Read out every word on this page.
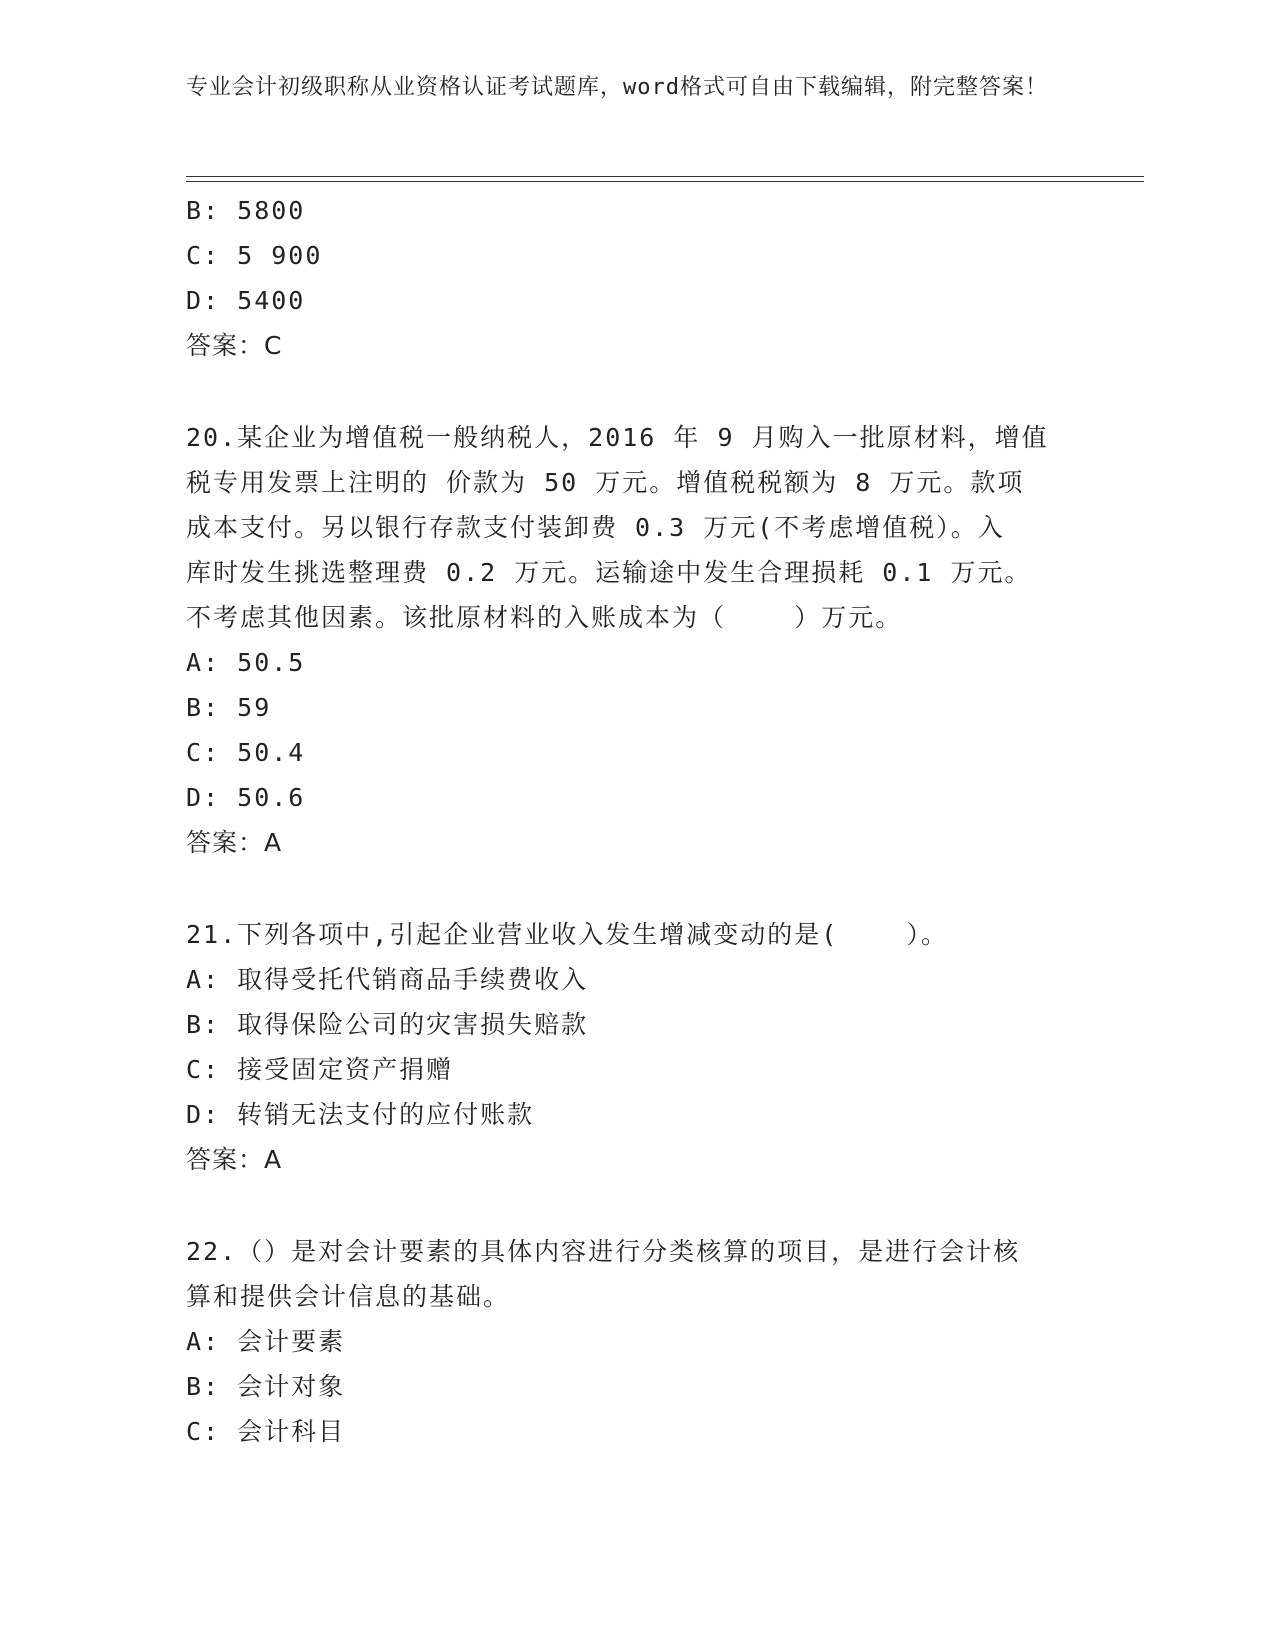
专业会计初级职称从业资格认证考试题库，word格式可自由下载编辑，附完整答案！
B: 5800
C: 5 900
D: 5400
答案：C
20.某企业为增值税一般纳税人，2016 年 9 月购入一批原材料，增值
税专用发票上注明的 价款为 50 万元。增值税税额为 8 万元。款项
成本支付。另以银行存款支付装卸费 0.3 万元(不考虑增值税）。入
库时发生挑选整理费 0.2 万元。运输途中发生合理损耗 0.1 万元。
不考虑其他因素。该批原材料的入账成本为（    ）万元。
A: 50.5
B: 59
C: 50.4
D: 50.6
答案：A
21.下列各项中,引起企业营业收入发生增减变动的是(    ）。
A: 取得受托代销商品手续费收入
B: 取得保险公司的灾害损失赔款
C: 接受固定资产捐赠
D: 转销无法支付的应付账款
答案：A
22.（）是对会计要素的具体内容进行分类核算的项目，是进行会计核
算和提供会计信息的基础。
A: 会计要素
B: 会计对象
C: 会计科目
